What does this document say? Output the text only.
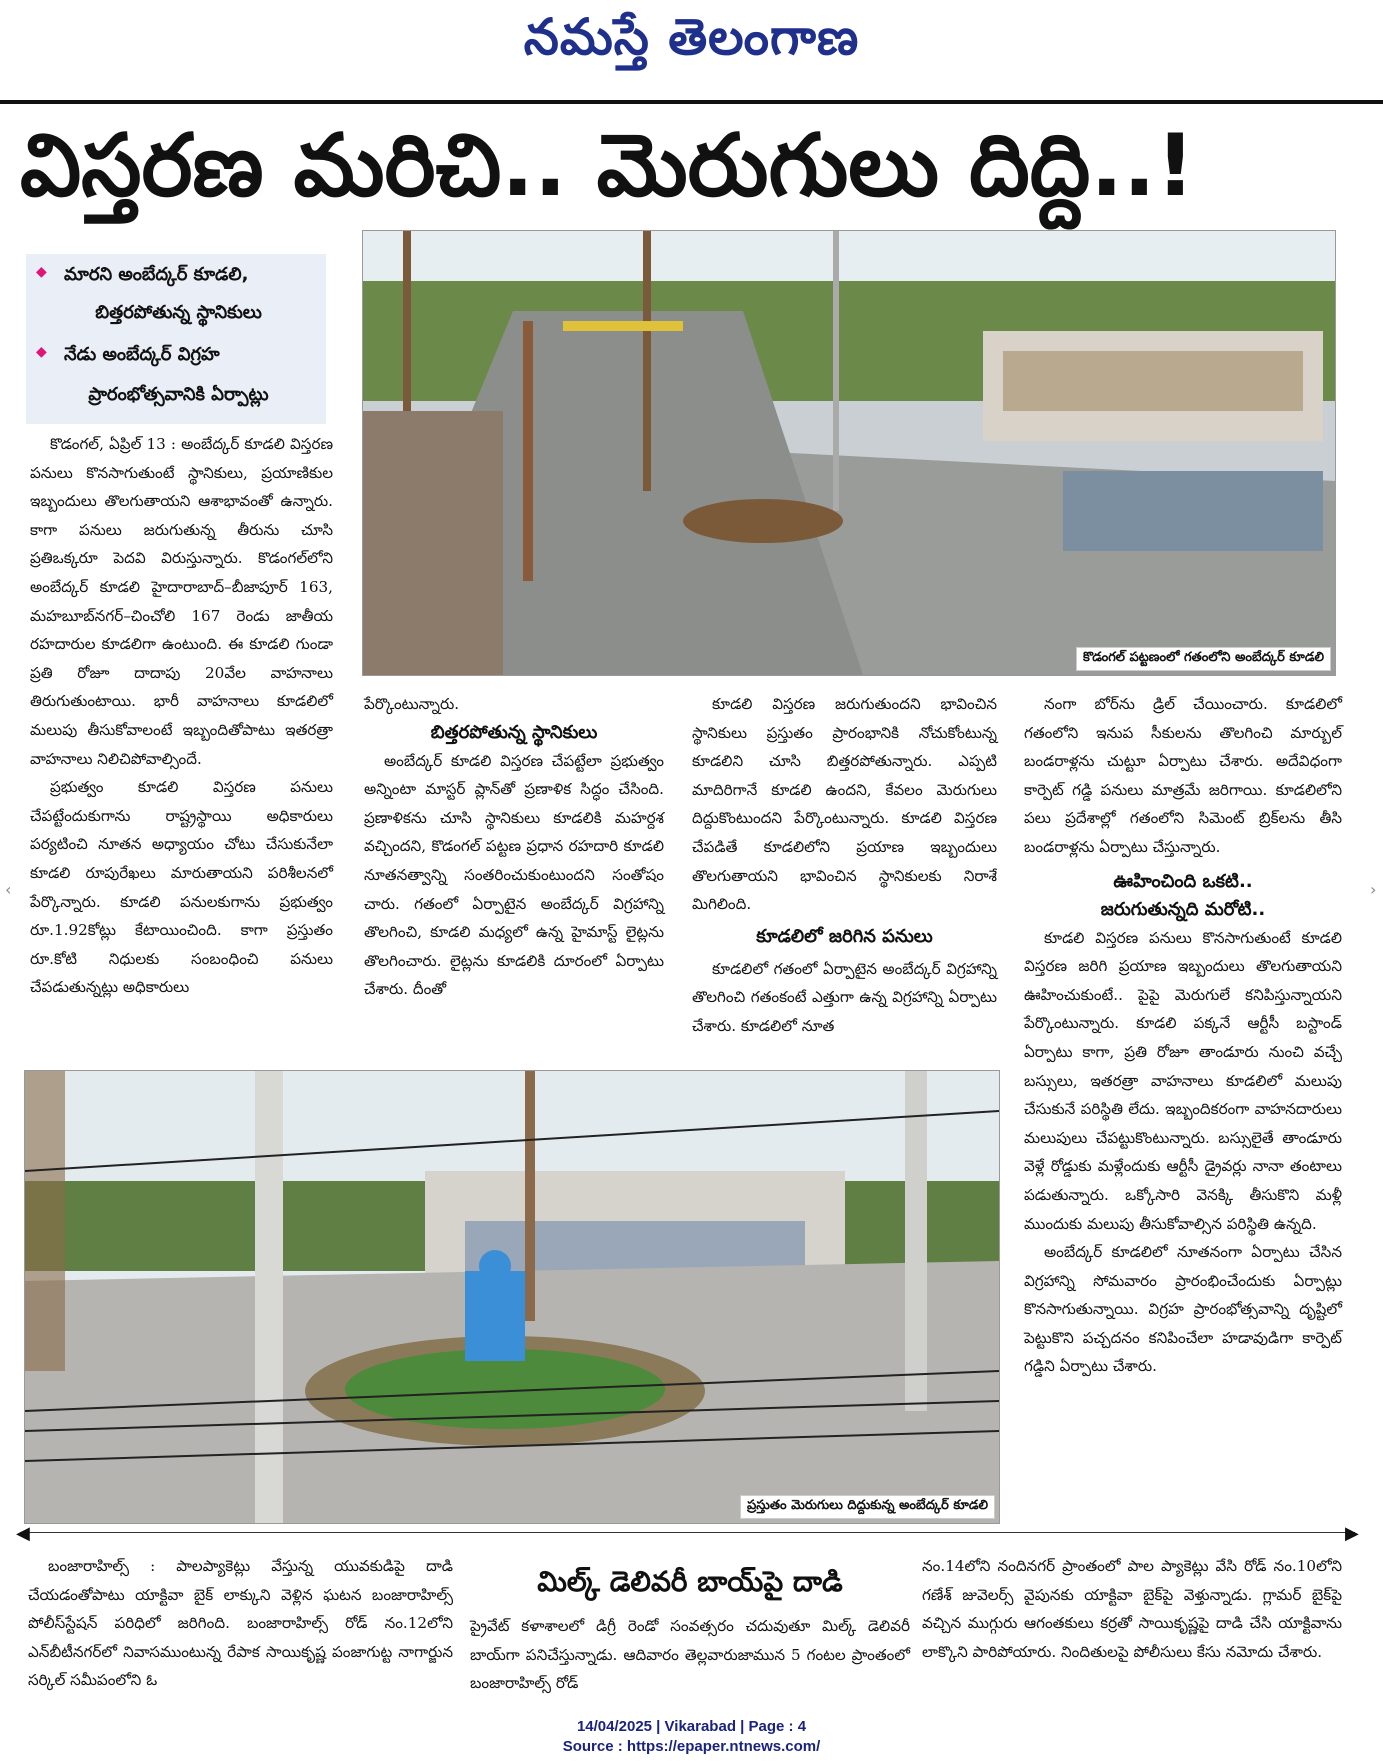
నమస్తే తెలంగాణ
విస్తరణ మరిచి.. మెరుగులు దిద్ది..!
◆ మారని అంబేద్కర్ కూడలి,
బిత్తరపోతున్న స్థానికులు
◆ నేడు అంబేద్కర్ విగ్రహ
ప్రారంభోత్సవానికి ఏర్పాట్లు
కొడంగల్ పట్టణంలో గతంలోని అంబేద్కర్ కూడలి

కొడంగల్, ఏప్రిల్ 13 : అంబేద్కర్ కూడలి విస్తరణ పనులు కొనసాగుతుంటే స్థానికులు, ప్రయాణికుల ఇబ్బందులు తొలగుతాయని ఆశాభావంతో ఉన్నారు. కాగా పనులు జరుగుతున్న తీరును చూసి ప్రతిఒక్కరూ పెదవి విరుస్తున్నారు. కొడంగల్‌లోని అంబేద్కర్ కూడలి హైదారాబాద్–బీజాపూర్ 163, మహబూబ్‌నగర్–చించోలి 167 రెండు జాతీయ రహదారుల కూడలిగా ఉంటుంది. ఈ కూడలి గుండా ప్రతి రోజూ దాదాపు 20వేల వాహనాలు తిరుగుతుంటాయి. భారీ వాహనాలు కూడలిలో మలుపు తీసుకోవాలంటే ఇబ్బందితోపాటు ఇతరత్రా వాహనాలు నిలిచిపోవాల్సిందే.

ప్రభుత్వం కూడలి విస్తరణ పనులు చేపట్టేందుకుగాను రాష్ట్రస్థాయి అధికారులు పర్యటించి నూతన అధ్యాయం చోటు చేసుకునేలా కూడలి రూపురేఖలు మారుతాయని పరిశీలనలో పేర్కొన్నారు. కూడలి పనులకుగాను ప్రభుత్వం రూ.1.92కోట్లు కేటాయించింది. కాగా ప్రస్తుతం రూ.కోటి నిధులకు సంబంధించి పనులు చేపడుతున్నట్లు అధికారులు

పేర్కొంటున్నారు.
బిత్తరపోతున్న స్థానికులు

అంబేద్కర్ కూడలి విస్తరణ చేపట్టేలా ప్రభుత్వం అన్నింటా మాస్టర్ ప్లాన్‌తో ప్రణాళిక సిద్ధం చేసింది. ప్రణాళికను చూసి స్థానికులు కూడలికి మహర్దశ వచ్చిందని, కొడంగల్ పట్టణ ప్రధాన రహదారి కూడలి నూతనత్వాన్ని సంతరించుకుంటుందని సంతోషం చారు. గతంలో ఏర్పాటైన అంబేద్కర్ విగ్రహాన్ని తొలగించి, కూడలి మధ్యలో ఉన్న హైమాస్ట్ లైట్లను తొలగించారు. లైట్లను కూడలికి దూరంలో ఏర్పాటు చేశారు. దీంతో

కూడలి విస్తరణ జరుగుతుందని భావించిన స్థానికులు ప్రస్తుతం ప్రారంభానికి నోచుకోంటున్న కూడలిని చూసి బిత్తరపోతున్నారు. ఎప్పటి మాదిరిగానే కూడలి ఉందని, కేవలం మెరుగులు దిద్దుకొంటుందని పేర్కొంటున్నారు. కూడలి విస్తరణ చేపడితే కూడలిలోని ప్రయాణ ఇబ్బందులు తొలగుతాయని భావించిన స్థానికులకు నిరాశే మిగిలింది.

కూడలిలో జరిగిన పనులు

కూడలిలో గతంలో ఏర్పాటైన అంబేద్కర్ విగ్రహాన్ని తొలగించి గతంకంటే ఎత్తుగా ఉన్న విగ్రహాన్ని ఏర్పాటు చేశారు. కూడలిలో నూత

నంగా బోర్‌ను డ్రిల్ చేయించారు. కూడలిలో గతంలోని ఇనుప సీకులను తొలగించి మార్బుల్ బండరాళ్లను చుట్టూ ఏర్పాటు చేశారు. అదేవిధంగా కార్పెట్ గడ్డి పనులు మాత్రమే జరిగాయి. కూడలిలోని పలు ప్రదేశాల్లో గతంలోని సిమెంట్ బ్రిక్‌లను తీసి బండరాళ్లను ఏర్పాటు చేస్తున్నారు.

ఊహించింది ఒకటి..
జరుగుతున్నది మరోటి..

కూడలి విస్తరణ పనులు కొనసాగుతుంటే కూడలి విస్తరణ జరిగి ప్రయాణ ఇబ్బందులు తొలగుతాయని ఊహించుకుంటే.. పైపై మెరుగులే కనిపిస్తున్నాయని పేర్కొంటున్నారు. కూడలి పక్కనే ఆర్టీసీ బస్టాండ్ ఏర్పాటు కాగా, ప్రతి రోజూ తాండూరు నుంచి వచ్చే బస్సులు, ఇతరత్రా వాహనాలు కూడలిలో మలుపు చేసుకునే పరిస్థితి లేదు. ఇబ్బందికరంగా వాహనదారులు మలుపులు చేపట్టుకొంటున్నారు. బస్సులైతే తాండూరు వెళ్లే రోడ్డుకు మళ్లేందుకు ఆర్టీసీ డ్రైవర్లు నానా తంటాలు పడుతున్నారు. ఒక్కోసారి వెనక్కి తీసుకొని మళ్లీ ముందుకు మలుపు తీసుకోవాల్సిన పరిస్థితి ఉన్నది.

అంబేద్కర్ కూడలిలో నూతనంగా ఏర్పాటు చేసిన విగ్రహాన్ని సోమవారం ప్రారంభించేందుకు ఏర్పాట్లు కొనసాగుతున్నాయి. విగ్రహ ప్రారంభోత్సవాన్ని దృష్టిలో పెట్టుకొని పచ్చదనం కనిపించేలా హడావుడిగా కార్పెట్ గడ్డిని ఏర్పాటు చేశారు.

ప్రస్తుతం మెరుగులు దిద్దుకున్న అంబేద్కర్ కూడలి
◀	▶
మిల్క్ డెలివరీ బాయ్‌పై దాడి

బంజారాహిల్స్ : పాలప్యాకెట్లు వేస్తున్న యువకుడిపై దాడి చేయడంతోపాటు యాక్టివా బైక్ లాక్కుని వెళ్లిన ఘటన బంజారాహిల్స్ పోలీస్‌స్టేషన్ పరిధిలో జరిగింది. బంజారాహిల్స్ రోడ్ నం.12లోని ఎన్‌బీటీనగర్‌లో నివాసముంటున్న రేపాక సాయికృష్ణ పంజాగుట్ట నాగార్జున సర్కిల్ సమీపంలోని ఓ

ప్రైవేట్ కళాశాలలో డిగ్రీ రెండో సంవత్సరం చదువుతూ మిల్క్ డెలివరీ బాయ్‌గా పనిచేస్తున్నాడు. ఆదివారం తెల్లవారుజామున 5 గంటల ప్రాంతంలో బంజారాహిల్స్ రోడ్

నం.14లోని నందినగర్ ప్రాంతంలో పాల ప్యాకెట్లు వేసి రోడ్ నం.10లోని గణేశ్ జువెలర్స్ వైపునకు యాక్టివా బైక్‌పై వెళ్తున్నాడు. గ్లామర్ బైక్‌పై వచ్చిన ముగ్గురు ఆగంతకులు కర్రతో సాయికృష్ణపై దాడి చేసి యాక్టివాను లాక్కొని పారిపోయారు. నిందితులపై పోలీసులు కేసు నమోదు చేశారు.

‹	›
14/04/2025 | Vikarabad | Page : 4
Source : https://epaper.ntnews.com/
